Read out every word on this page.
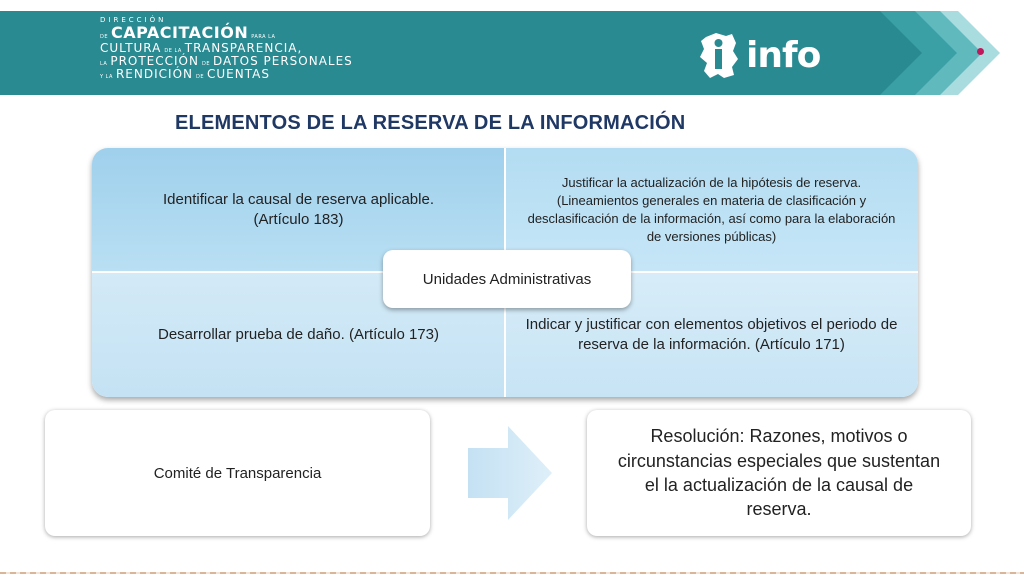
DIRECCIÓN
DE CAPACITACIÓN PARA LA
CULTURA DE LA TRANSPARENCIA,
LA PROTECCIÓN DE DATOS PERSONALES
Y LA RENDICIÓN DE CUENTAS	info
ELEMENTOS DE LA RESERVA DE LA INFORMACIÓN
Identificar la causal de reserva aplicable.
(Artículo 183)
Justificar la actualización de la hipótesis de reserva. (Lineamientos generales en materia de clasificación y desclasificación de la información, así como para la elaboración de versiones públicas)
Desarrollar prueba de daño. (Artículo 173)
Indicar y justificar con elementos objetivos el periodo de reserva de la información. (Artículo 171)
Unidades Administrativas
Comité de Transparencia
Resolución: Razones, motivos o circunstancias especiales que sustentan el la actualización de la causal de reserva.
